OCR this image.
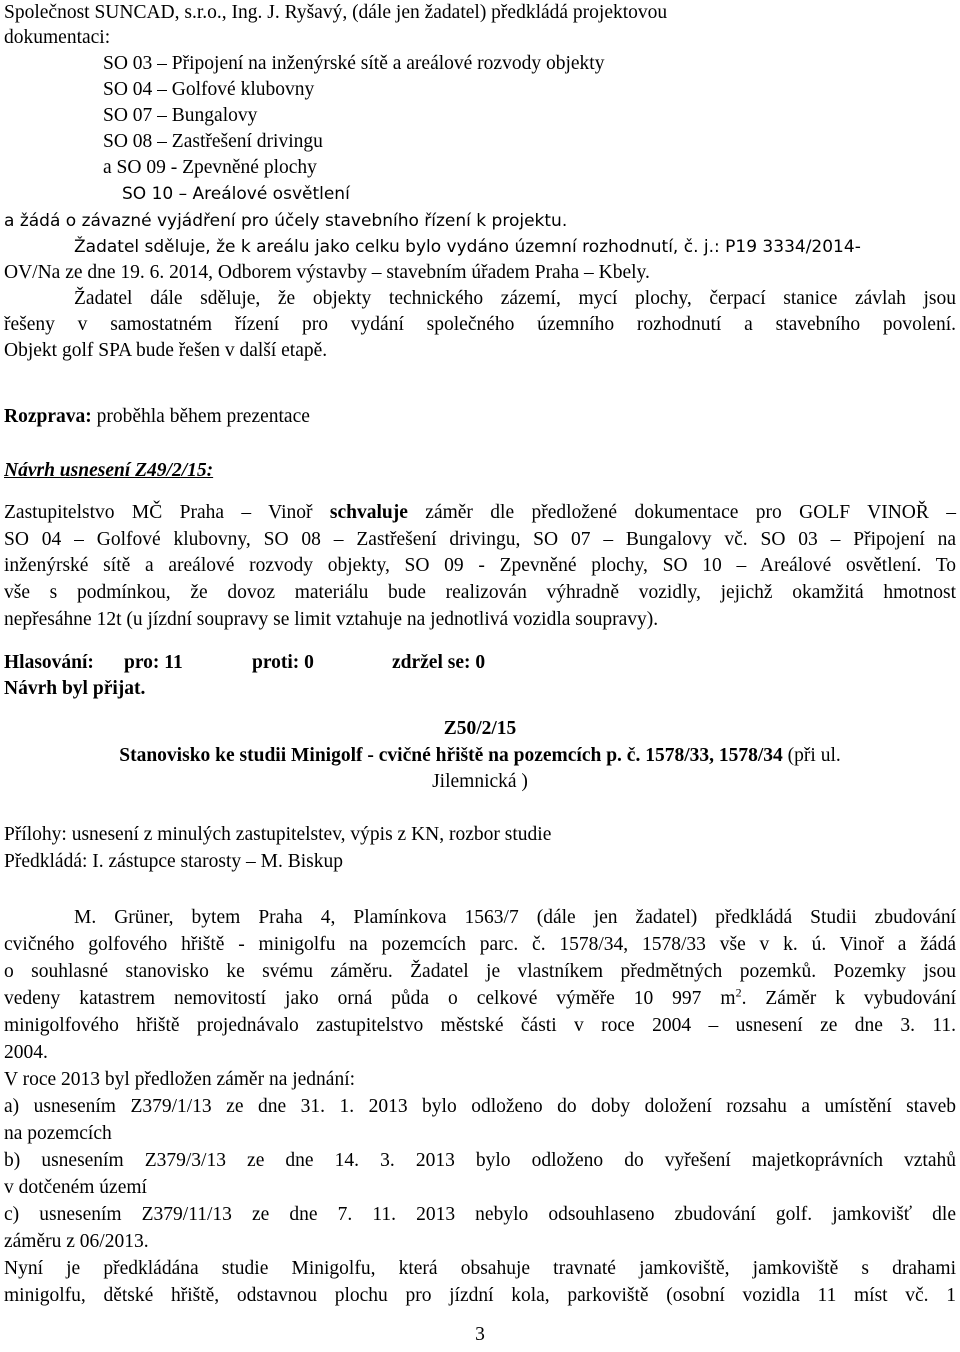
Společnost SUNCAD, s.r.o., Ing. J. Ryšavý, (dále jen žadatel) předkládá projektovou
dokumentaci:
SO 03 – Připojení na inženýrské sítě a areálové rozvody objekty
SO 04 – Golfové klubovny
SO 07 – Bungalovy
SO 08 – Zastřešení drivingu
a SO 09 - Zpevněné plochy
SO 10 – Areálové osvětlení
a žádá o závazné vyjádření pro účely stavebního řízení k projektu.
Žadatel sděluje, že k areálu jako celku bylo vydáno územní rozhodnutí, č. j.: P19 3334/2014-
OV/Na ze dne 19. 6. 2014, Odborem výstavby – stavebním úřadem Praha – Kbely.
Žadatel dále sděluje, že objekty technického zázemí, mycí plochy, čerpací stanice závlah jsou
řešeny v samostatném řízení pro vydání společného územního rozhodnutí a stavebního povolení.
Objekt golf SPA bude řešen v další etapě.
Rozprava: proběhla během prezentace
Návrh usnesení Z49/2/15:
Zastupitelstvo MČ Praha – Vinoř schvaluje záměr dle předložené dokumentace pro GOLF VINOŘ –
SO 04 – Golfové klubovny, SO 08 – Zastřešení drivingu, SO 07 – Bungalovy vč. SO 03 – Připojení na
inženýrské sítě a areálové rozvody objekty, SO 09 - Zpevněné plochy, SO 10 – Areálové osvětlení. To
vše s podmínkou, že dovoz materiálu bude realizován výhradně vozidly, jejichž okamžitá hmotnost
nepřesáhne 12t (u jízdní soupravy se limit vztahuje na jednotlivá vozidla soupravy).
Hlasování: pro: 11	proti: 0	zdržel se: 0
Návrh byl přijat.
Z50/2/15
Stanovisko ke studii Minigolf - cvičné hřiště na pozemcích p. č. 1578/33, 1578/34 (při ul.
Jilemnická )
Přílohy: usnesení z minulých zastupitelstev, výpis z KN, rozbor studie
Předkládá: I. zástupce starosty – M. Biskup
M. Grüner, bytem Praha 4, Plamínkova 1563/7 (dále jen žadatel) předkládá Studii zbudování
cvičného golfového hřiště - minigolfu na pozemcích parc. č. 1578/34, 1578/33 vše v k. ú. Vinoř a žádá
o souhlasné stanovisko ke svému záměru. Žadatel je vlastníkem předmětných pozemků. Pozemky jsou
vedeny katastrem nemovitostí jako orná půda o celkové výměře 10 997 $m^2$. Záměr k vybudování
minigolfového hřiště projednávalo zastupitelstvo městské části v roce 2004 – usnesení ze dne 3. 11.
2004.
V roce 2013 byl předložen záměr na jednání:
a) usnesením Z379/1/13 ze dne 31. 1. 2013 bylo odloženo do doby doložení rozsahu a umístění staveb
na pozemcích
b) usnesením Z379/3/13 ze dne 14. 3. 2013 bylo odloženo do vyřešení majetkoprávních vztahů
v dotčeném území
c) usnesením Z379/11/13 ze dne 7. 11. 2013 nebylo odsouhlaseno zbudování golf. jamkovišť dle
záměru z 06/2013.
Nyní je předkládána studie Minigolfu, která obsahuje travnaté jamkoviště, jamkoviště s drahami
minigolfu, dětské hřiště, odstavnou plochu pro jízdní kola, parkoviště (osobní vozidla 11 míst vč. 1
3
